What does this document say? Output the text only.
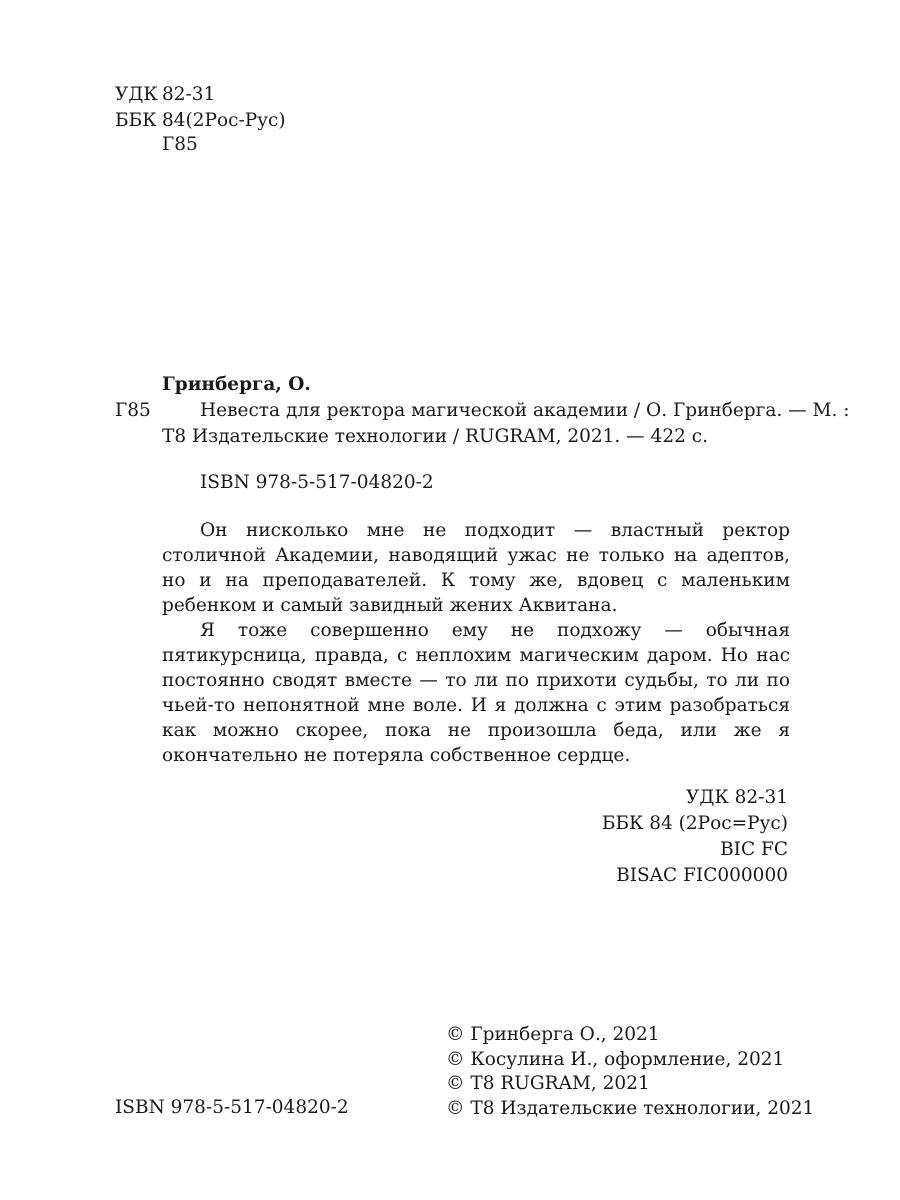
УДК 82-31
ББК 84(2Рос-Рус)
Г85
Гринберга, О.
Г85	Невеста для ректора магической академии / О. Гринберга. — М. :
Т8 Издательские технологии / RUGRAM, 2021. — 422 с.
ISBN 978-5-517-04820-2

Он нисколько мне не подходит — властный ректор столичной Академии, наводящий ужас не только на адептов, но и на преподавателей. К тому же, вдовец с маленьким ребенком и самый завидный жених Аквитана.

Я тоже совершенно ему не подхожу — обычная пятикурсница, правда, с неплохим магическим даром. Но нас постоянно сводят вместе — то ли по прихоти судьбы, то ли по чьей-то непонятной мне воле. И я должна с этим разобраться как можно скорее, пока не произошла беда, или же я окончательно не потеряла собственное сердце.

УДК 82-31
ББК 84 (2Рос=Рус)
BIC FC
BISAC FIC000000
ISBN 978-5-517-04820-2
© Гринберга О., 2021
© Косулина И., оформление, 2021
© Т8 RUGRAM, 2021
© Т8 Издательские технологии, 2021
